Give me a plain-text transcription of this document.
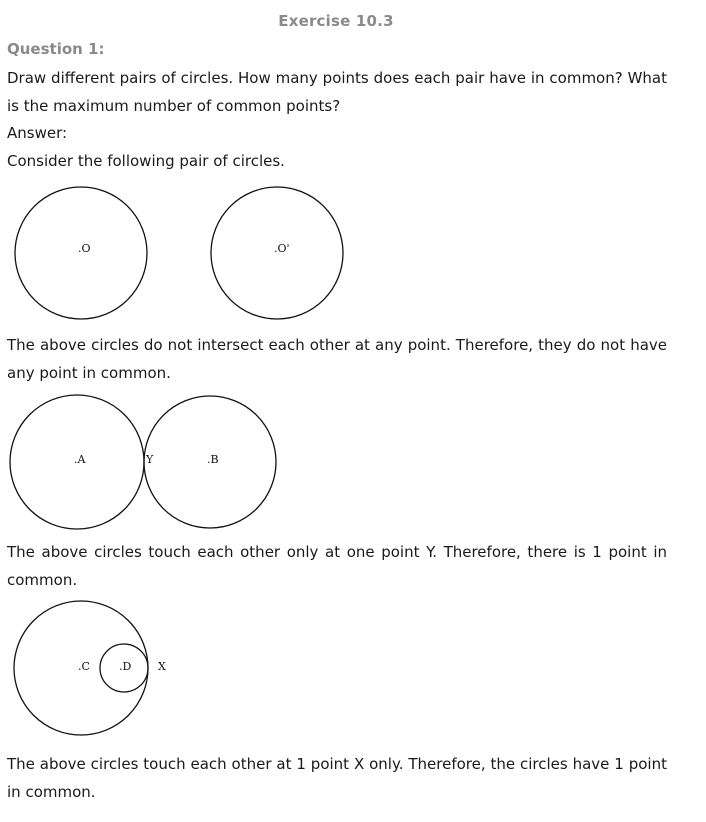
Exercise 10.3
Question 1:
Draw different pairs of circles. How many points does each pair have in common? What is the maximum number of common points?
Answer:
Consider the following pair of circles.
.O	.O'
The above circles do not intersect each other at any point. Therefore, they do not have any point in common.
.A	Y	.B
The above circles touch each other only at one point Y. Therefore, there is 1 point in common.
.C	.D X
The above circles touch each other at 1 point X only. Therefore, the circles have 1 point in common.
